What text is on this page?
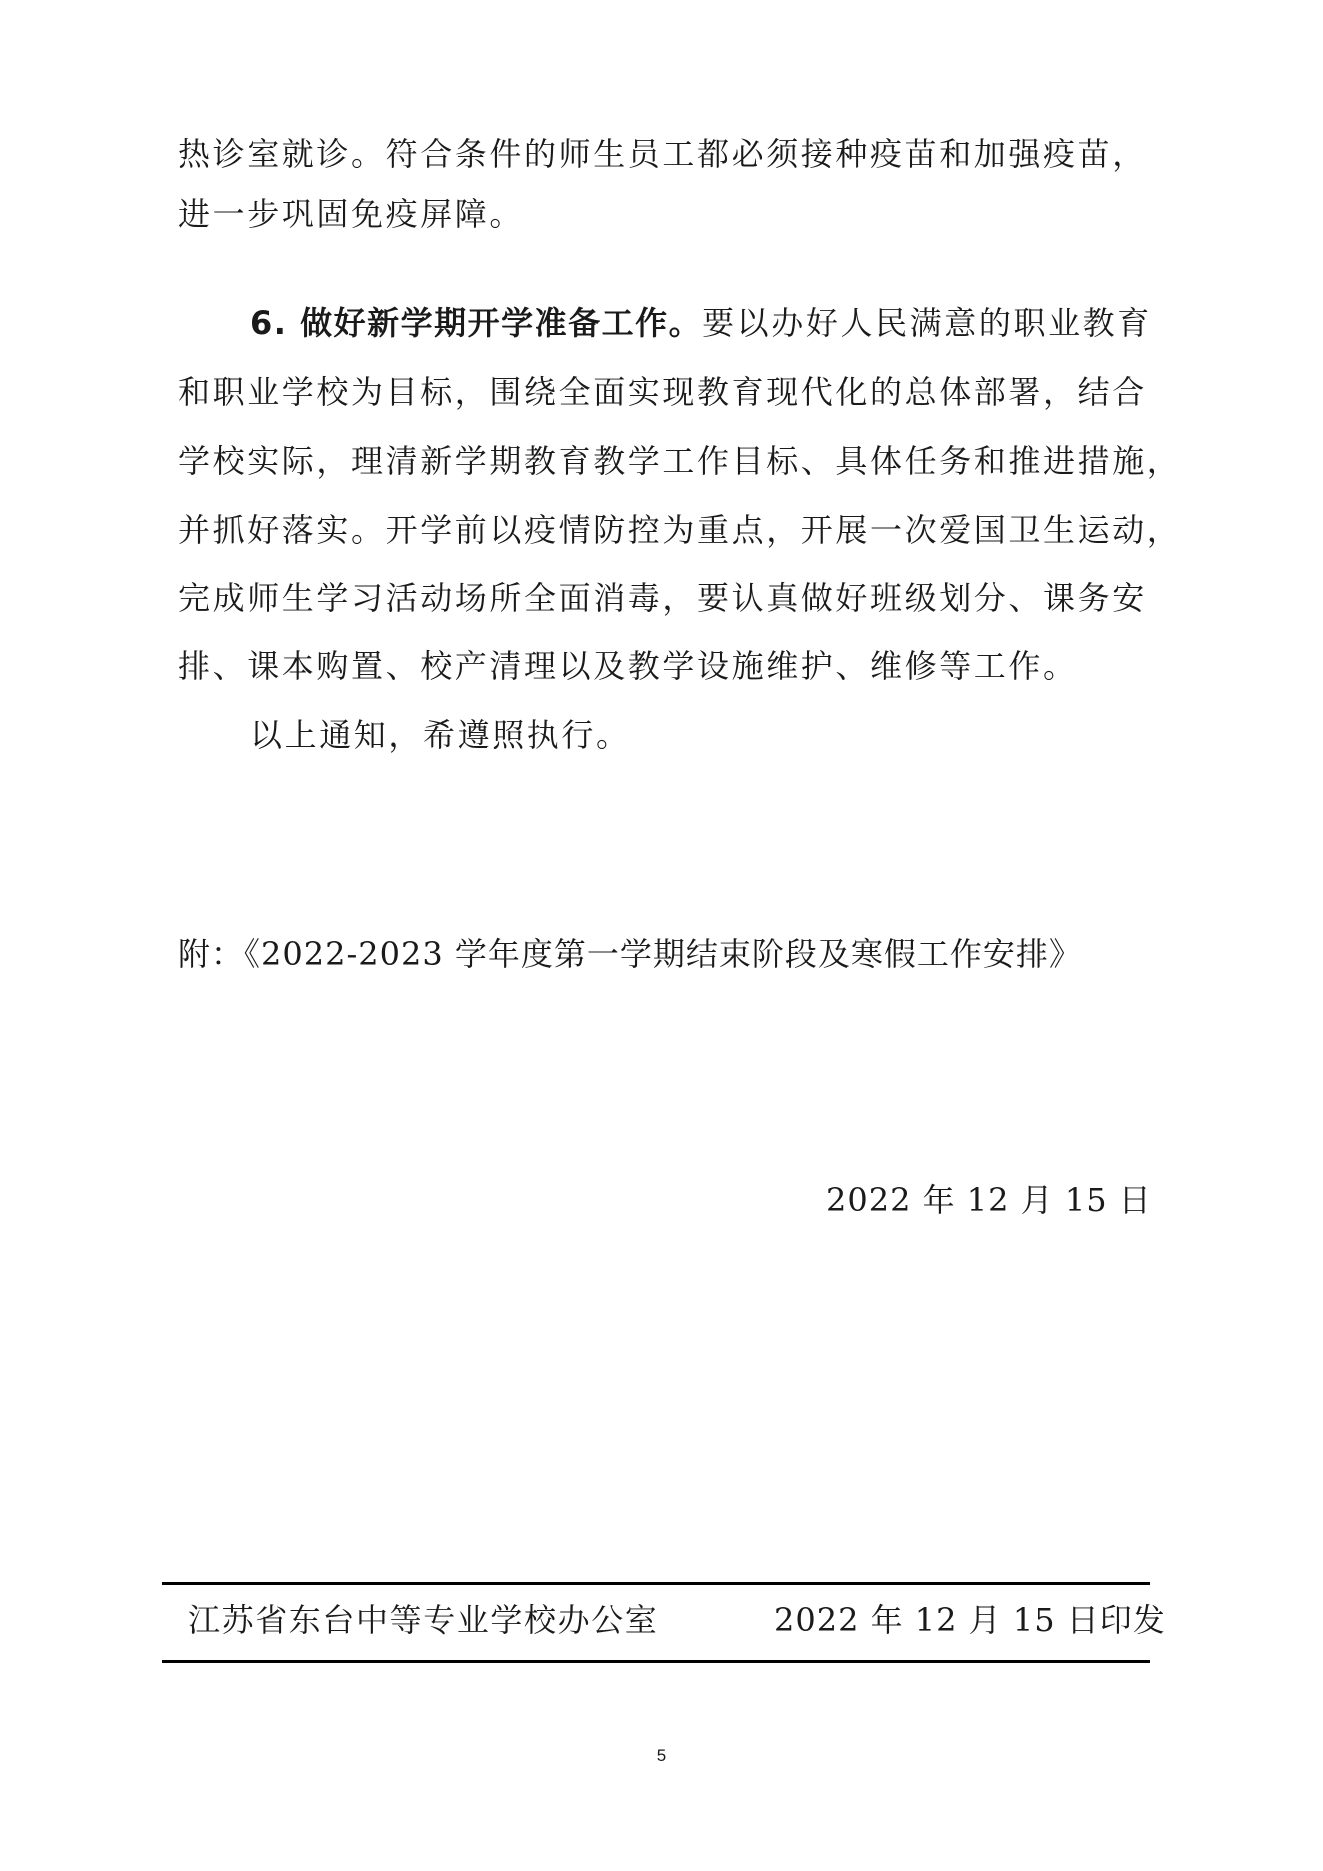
热诊室就诊。符合条件的师生员工都必须接种疫苗和加强疫苗，
进一步巩固免疫屏障。
6. 做好新学期开学准备工作。要以办好人民满意的职业教育
和职业学校为目标，围绕全面实现教育现代化的总体部署，结合
学校实际，理清新学期教育教学工作目标、具体任务和推进措施，
并抓好落实。开学前以疫情防控为重点，开展一次爱国卫生运动，
完成师生学习活动场所全面消毒，要认真做好班级划分、课务安
排、课本购置、校产清理以及教学设施维护、维修等工作。
以上通知，希遵照执行。
附：《2022-2023 学年度第一学期结束阶段及寒假工作安排》
2022 年 12 月 15 日
江苏省东台中等专业学校办公室	2022 年 12 月 15 日印发
5
